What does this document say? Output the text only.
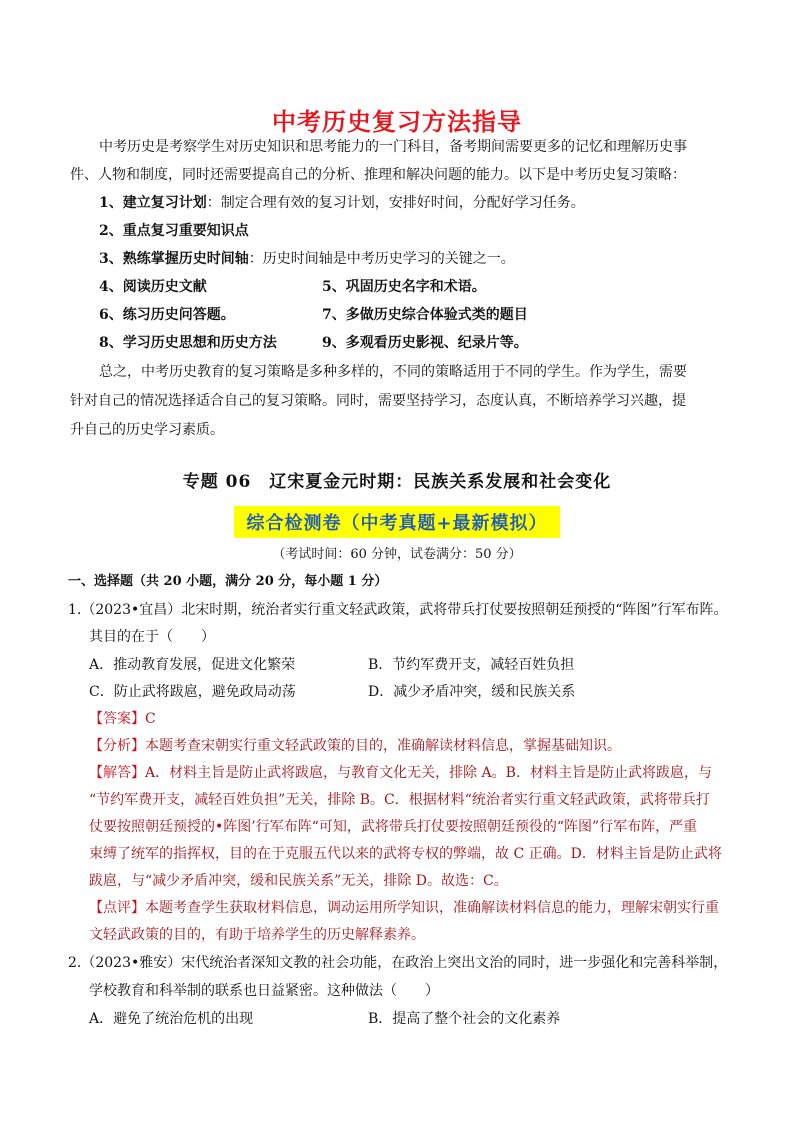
中考历史复习方法指导
中考历史是考察学生对历史知识和思考能力的一门科目，备考期间需要更多的记忆和理解历史事
件、人物和制度，同时还需要提高自己的分析、推理和解决问题的能力。以下是中考历史复习策略：
1、建立复习计划：制定合理有效的复习计划，安排好时间，分配好学习任务。
2、重点复习重要知识点
3、熟练掌握历史时间轴：历史时间轴是中考历史学习的关键之一。
4、阅读历史文献	5、巩固历史名字和术语。
6、练习历史问答题。	7、多做历史综合体验式类的题目
8、学习历史思想和历史方法	9、多观看历史影视、纪录片等。
总之，中考历史教育的复习策略是多种多样的，不同的策略适用于不同的学生。作为学生，需要
针对自己的情况选择适合自己的复习策略。同时，需要坚持学习，态度认真，不断培养学习兴趣，提
升自己的历史学习素质。
专题 06　辽宋夏金元时期：民族关系发展和社会变化
综合检测卷（中考真题+最新模拟）
（考试时间：60 分钟，试卷满分：50 分）
一、选择题（共 20 小题，满分 20 分，每小题 1 分）
1.（2023•宜昌）北宋时期，统治者实行重文轻武政策，武将带兵打仗要按照朝廷预授的“阵图”行军布阵。
其目的在于（　　）
A．推动教育发展，促进文化繁荣	B．节约军费开支，减轻百姓负担
C．防止武将跋扈，避免政局动荡	D．减少矛盾冲突，缓和民族关系
【答案】C
【分析】本题考查宋朝实行重文轻武政策的目的，准确解读材料信息，掌握基础知识。
【解答】A．材料主旨是防止武将跋扈，与教育文化无关，排除 A。B．材料主旨是防止武将跋扈，与
“节约军费开支，减轻百姓负担”无关，排除 B。C．根据材料“统治者实行重文轻武政策，武将带兵打
仗要按照朝廷预授的•阵图’行军布阵“可知，武将带兵打仗要按照朝廷预役的“阵图”行军布阵，严重
束缚了统军的指挥权，目的在于克服五代以来的武将专权的弊端，故 C 正确。D．材料主旨是防止武将
跋扈，与“减少矛盾冲突，缓和民族关系”无关，排除 D。故选：C。
【点评】本题考查学生获取材料信息，调动运用所学知识，准确解读材料信息的能力，理解宋朝实行重
文轻武政策的目的，有助于培养学生的历史解释素养。
2.（2023•雅安）宋代统治者深知文教的社会功能，在政治上突出文治的同时，进一步强化和完善科举制，
学校教育和科举制的联系也日益紧密。这种做法（　　）
A．避免了统治危机的出现	B．提高了整个社会的文化素养
